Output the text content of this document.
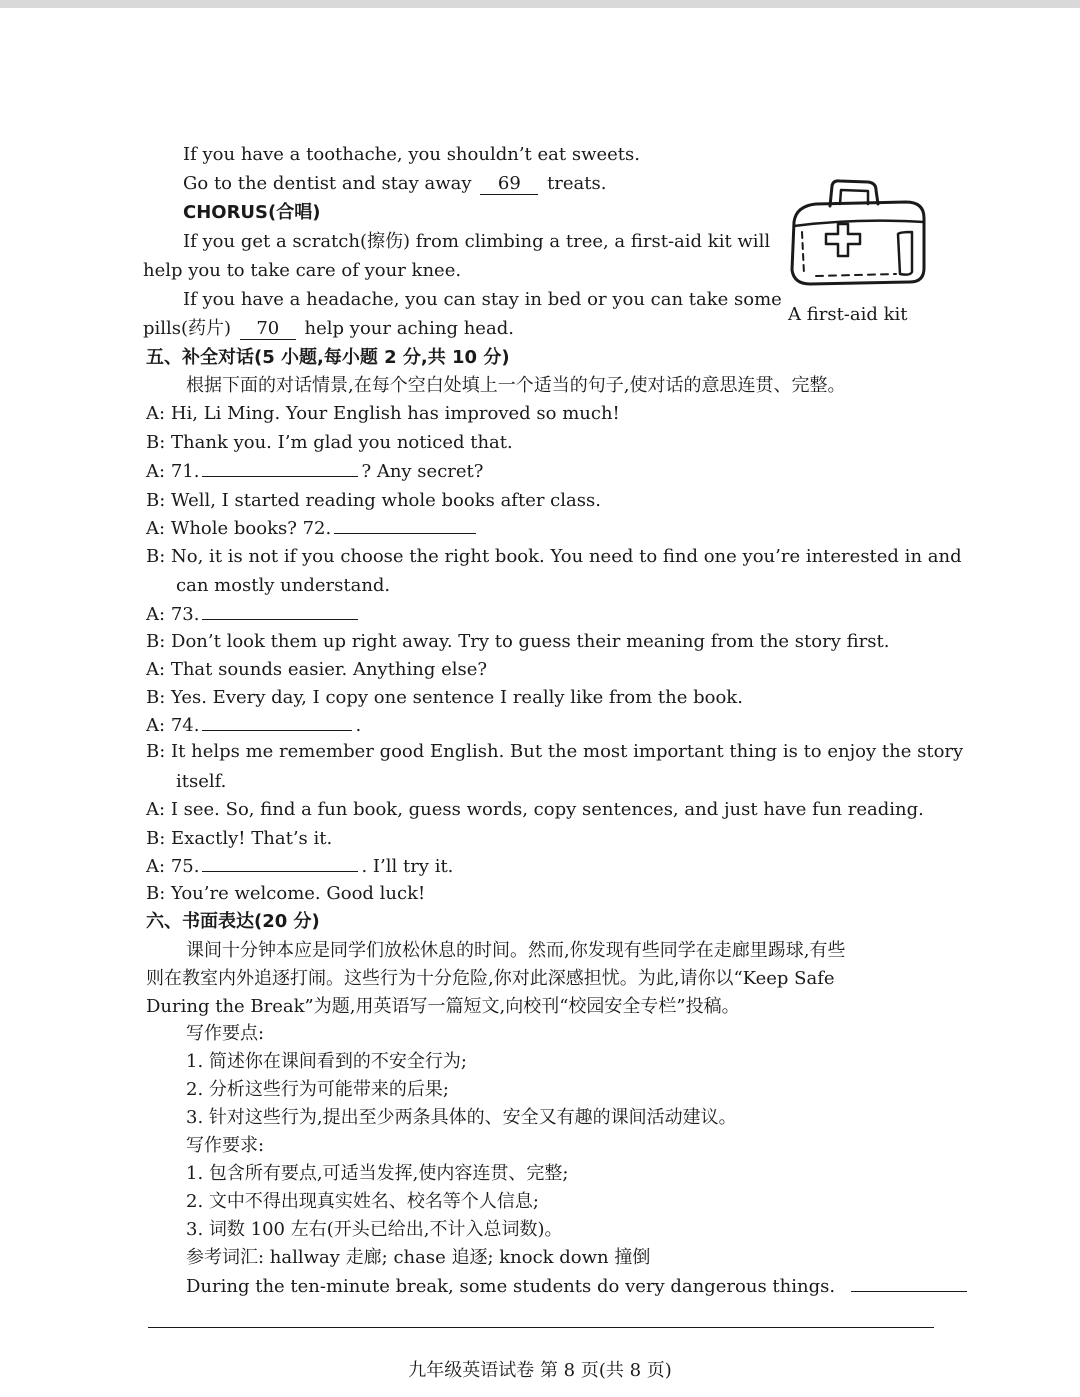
If you have a toothache, you shouldn’t eat sweets.
Go to the dentist and stay away 69 treats.
CHORUS(合唱)
If you get a scratch(擦伤) from climbing a tree, a first-aid kit will
help you to take care of your knee.
If you have a headache, you can stay in bed or you can take some
pills(药片) 70 help your aching head.
A first-aid kit
五、补全对话(5 小题,每小题 2 分,共 10 分)
根据下面的对话情景,在每个空白处填上一个适当的句子,使对话的意思连贯、完整。
A: Hi, Li Ming. Your English has improved so much!
B: Thank you. I’m glad you noticed that.
A: 71.	? Any secret?
B: Well, I started reading whole books after class.
A: Whole books? 72.
B: No, it is not if you choose the right book. You need to find one you’re interested in and
can mostly understand.
A: 73.
B: Don’t look them up right away. Try to guess their meaning from the story first.
A: That sounds easier. Anything else?
B: Yes. Every day, I copy one sentence I really like from the book.
A: 74.	.
B: It helps me remember good English. But the most important thing is to enjoy the story
itself.
A: I see. So, find a fun book, guess words, copy sentences, and just have fun reading.
B: Exactly! That’s it.
A: 75.	. I’ll try it.
B: You’re welcome. Good luck!
六、书面表达(20 分)
课间十分钟本应是同学们放松休息的时间。然而,你发现有些同学在走廊里踢球,有些
则在教室内外追逐打闹。这些行为十分危险,你对此深感担忧。为此,请你以“Keep Safe
During the Break”为题,用英语写一篇短文,向校刊“校园安全专栏”投稿。
写作要点:
1. 简述你在课间看到的不安全行为;
2. 分析这些行为可能带来的后果;
3. 针对这些行为,提出至少两条具体的、安全又有趣的课间活动建议。
写作要求:
1. 包含所有要点,可适当发挥,使内容连贯、完整;
2. 文中不得出现真实姓名、校名等个人信息;
3. 词数 100 左右(开头已给出,不计入总词数)。
参考词汇: hallway 走廊; chase 追逐; knock down 撞倒
During the ten-minute break, some students do very dangerous things.
九年级英语试卷 第 8 页(共 8 页)
